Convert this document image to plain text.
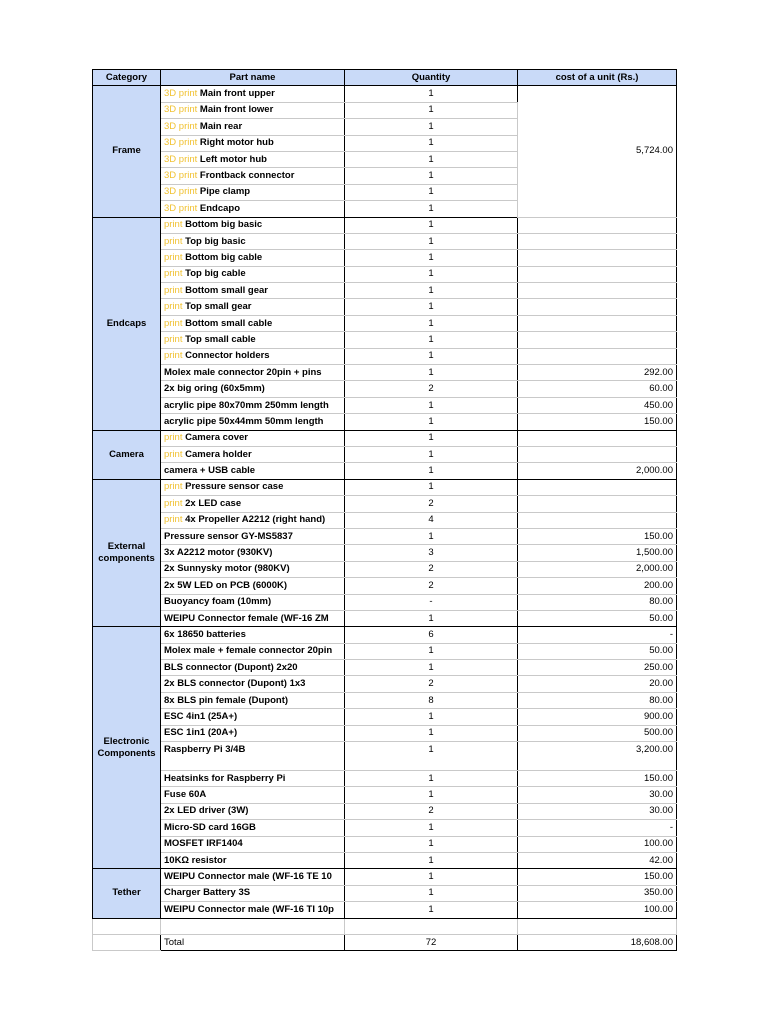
Category	Part name	Quantity	cost of a unit (Rs.)
Frame	3D print Main front upper	1	5,724.00
	3D print Main front lower	1	
	3D print Main rear	1	
	3D print Right motor hub	1	
	3D print Left motor hub	1	
	3D print Frontback connector	1	
	3D print Pipe clamp	1	
	3D print Endcapo	1	
Endcaps	print Bottom big basic	1	
	print Top big basic	1	
	print Bottom big cable	1	
	print Top big cable	1	
	print Bottom small gear	1	
	print Top small gear	1	
	print Bottom small cable	1	
	print Top small cable	1	
	print Connector holders	1	
	Molex male connector 20pin + pins	1	292.00
	2x big oring (60x5mm)	2	60.00
	acrylic pipe 80x70mm 250mm length	1	450.00
	acrylic pipe 50x44mm 50mm length	1	150.00
Camera	print Camera cover	1	
	print Camera holder	1	
	camera + USB cable	1	2,000.00
External components	print Pressure sensor case	1	
	print 2x LED case	2	
	print 4x Propeller A2212 (right hand)	4	
	Pressure sensor GY-MS5837	1	150.00
	3x A2212 motor (930KV)	3	1,500.00
	2x Sunnysky motor (980KV)	2	2,000.00
	2x 5W LED on PCB (6000K)	2	200.00
	Buoyancy foam (10mm)	-	80.00
	WEIPU Connector female (WF-16 ZM	1	50.00
Electronic Components	6x 18650 batteries	6	-
	Molex male + female connector 20pin	1	50.00
	BLS connector (Dupont) 2x20	1	250.00
	2x BLS connector (Dupont) 1x3	2	20.00
	8x BLS pin female (Dupont)	8	80.00
	ESC 4in1 (25A+)	1	900.00
	ESC 1in1 (20A+)	1	500.00
	Raspberry Pi 3/4B	1	3,200.00
	Heatsinks for Raspberry Pi	1	150.00
	Fuse 60A	1	30.00
	2x LED driver (3W)	2	30.00
	Micro-SD card 16GB	1	-
	MOSFET IRF1404	1	100.00
	10KΩ resistor	1	42.00
Tether	WEIPU Connector male (WF-16 TE 10	1	150.00
	Charger Battery 3S	1	350.00
	WEIPU Connector male (WF-16 TI 10p	1	100.00

	Total	72	18,608.00
